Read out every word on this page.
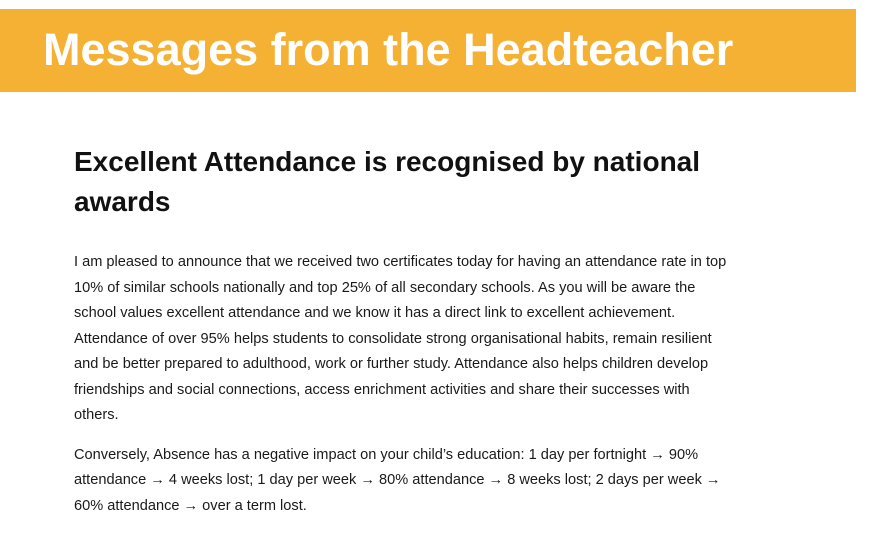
Messages from the Headteacher
Excellent Attendance is recognised by national awards

I am pleased to announce that we received two certificates today for having an attendance rate in top 10% of similar schools nationally and top 25% of all secondary schools. As you will be aware the school values excellent attendance and we know it has a direct link to excellent achievement. Attendance of over 95% helps students to consolidate strong organisational habits, remain resilient and be better prepared to adulthood, work or further study. Attendance also helps children develop friendships and social connections, access enrichment activities and share their successes with others.

Conversely, Absence has a negative impact on your child’s education: 1 day per fortnight → 90% attendance → 4 weeks lost; 1 day per week → 80% attendance → 8 weeks lost; 2 days per week → 60% attendance → over a term lost.
